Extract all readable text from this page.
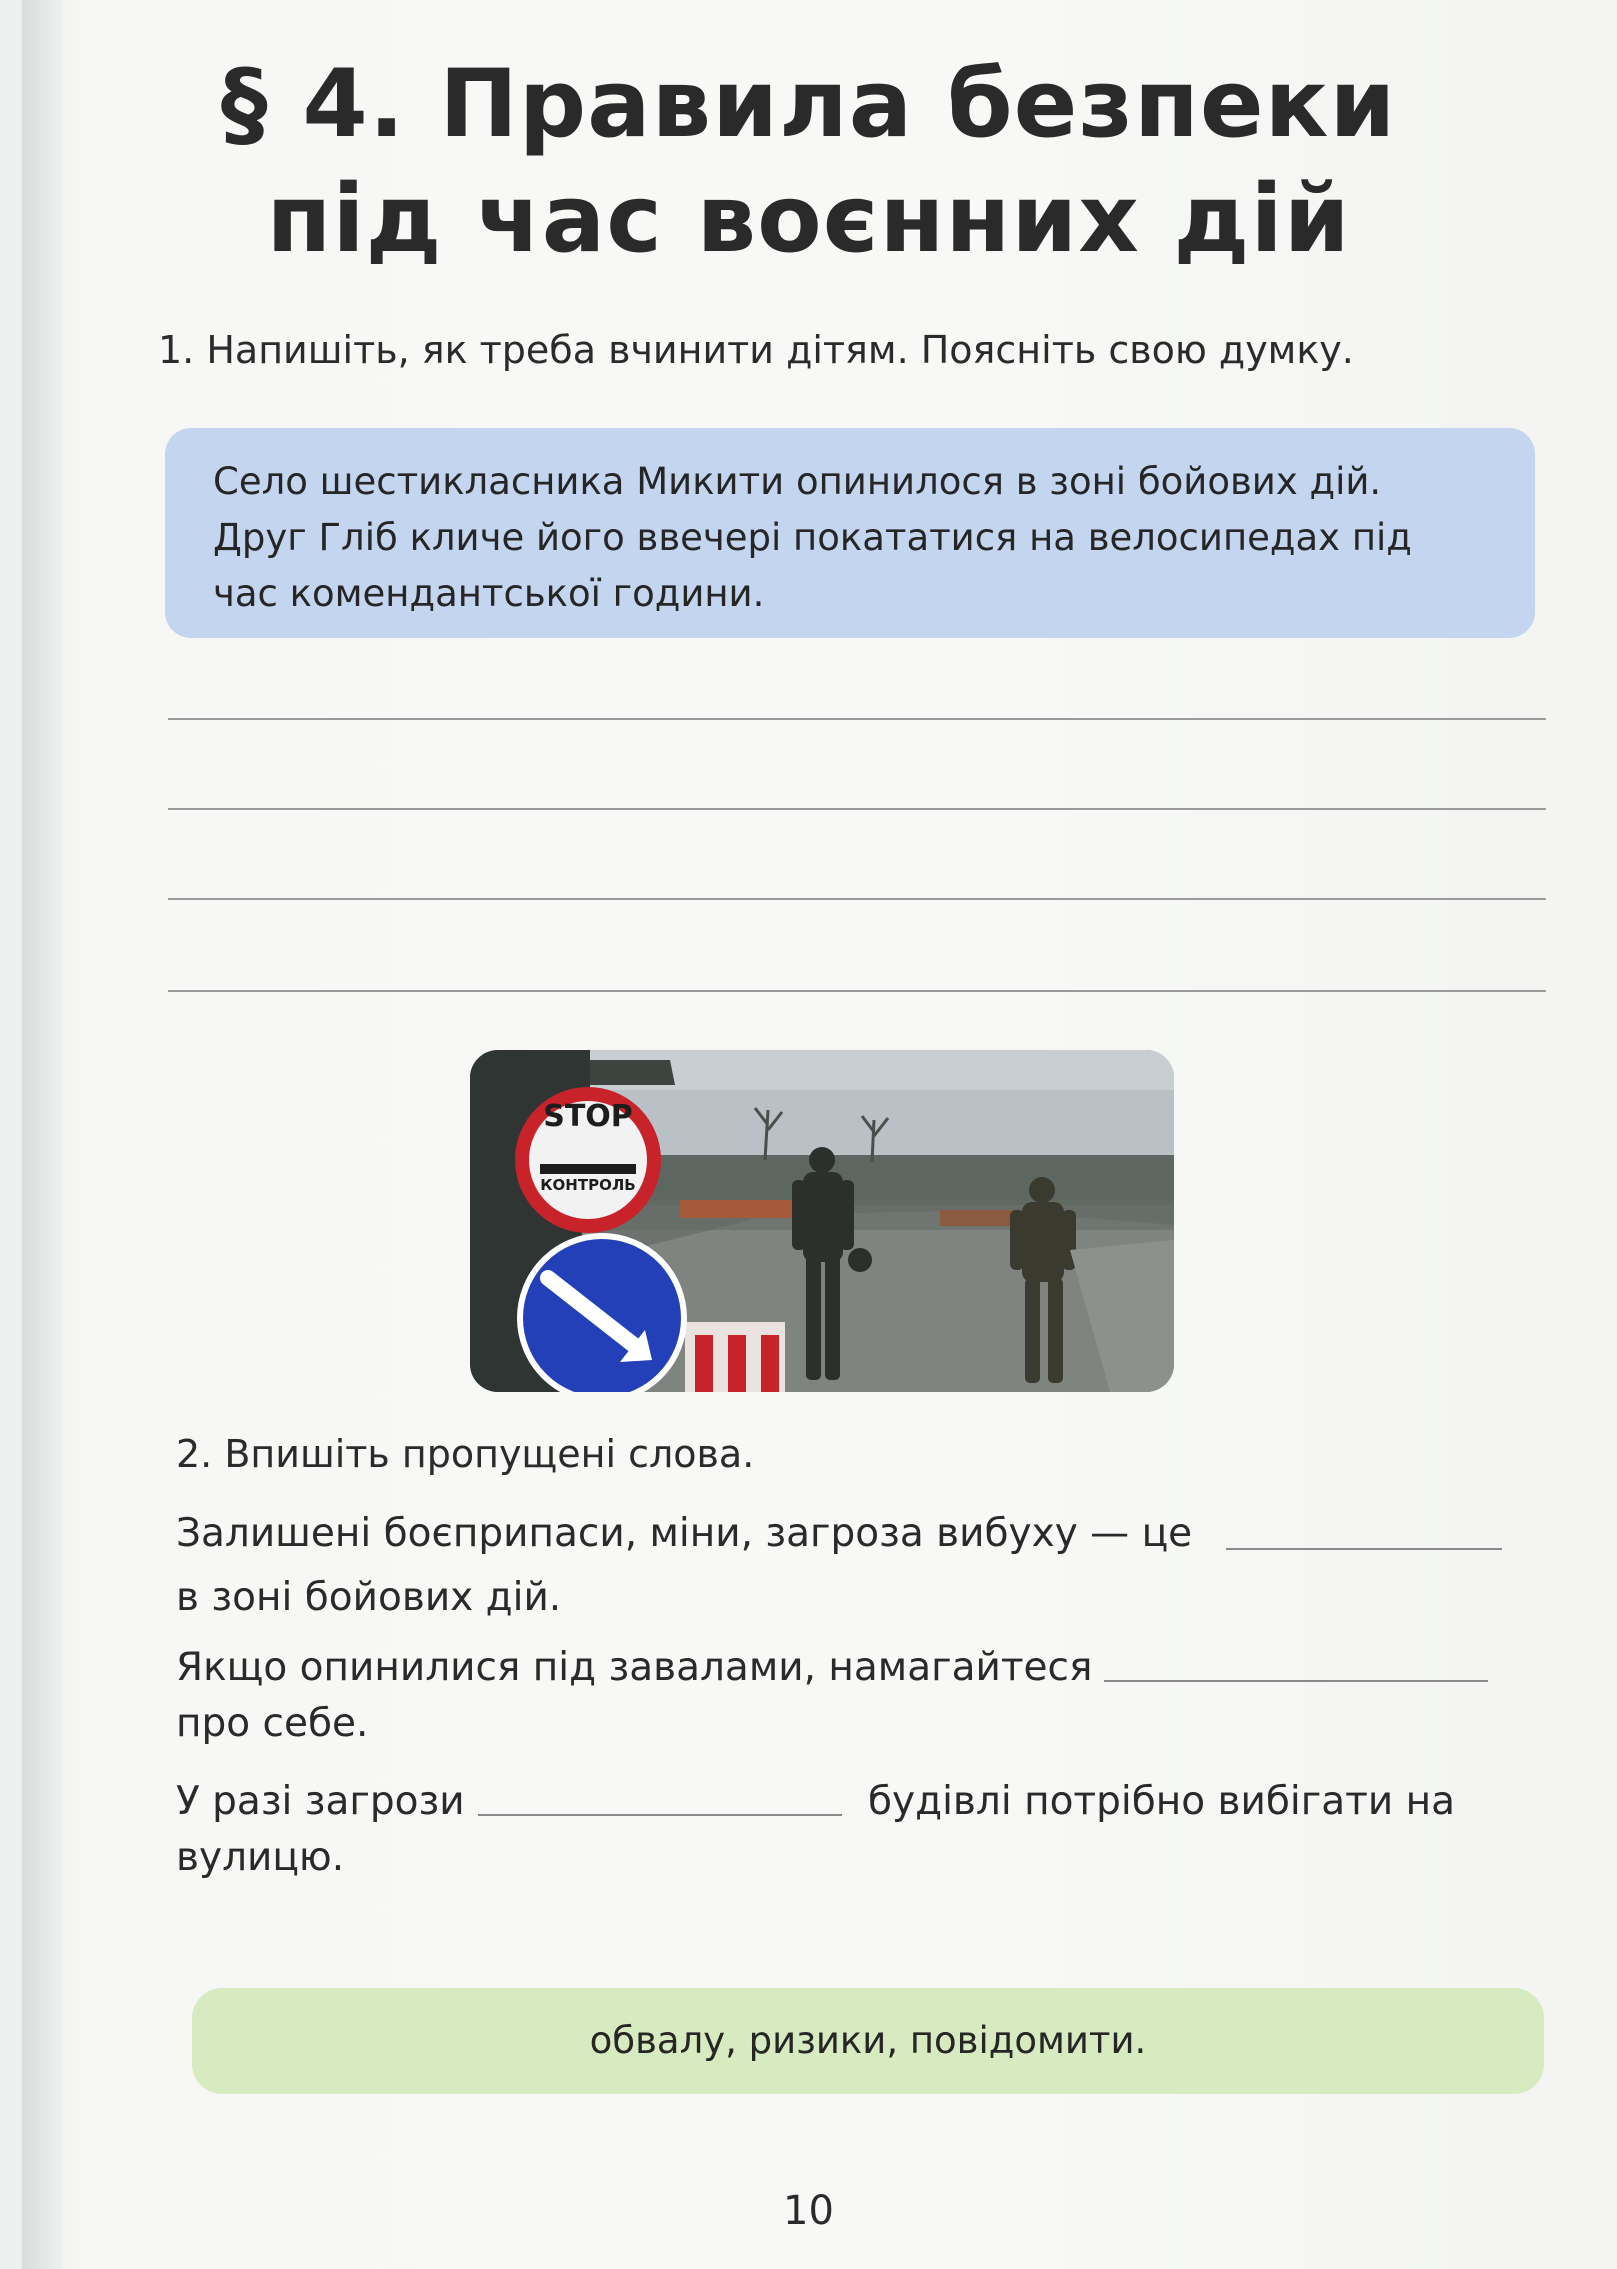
§ 4. Правила безпеки
під час воєнних дій
1. Напишіть, як треба вчинити дітям. Поясніть свою думку.
Село шестикласника Микити опинилося в зоні бойових дій.
Друг Гліб кличе його ввечері покататися на велосипедах під
час комендантської години.
STOP
КОНТРОЛЬ
2. Впишіть пропущені слова.
Залишені боєприпаси, міни, загроза вибуху — це
в зоні бойових дій.
Якщо опинилися під завалами, намагайтеся
про себе.
У разі загрози	будівлі потрібно вибігати на
вулицю.
обвалу, ризики, повідомити.
10
